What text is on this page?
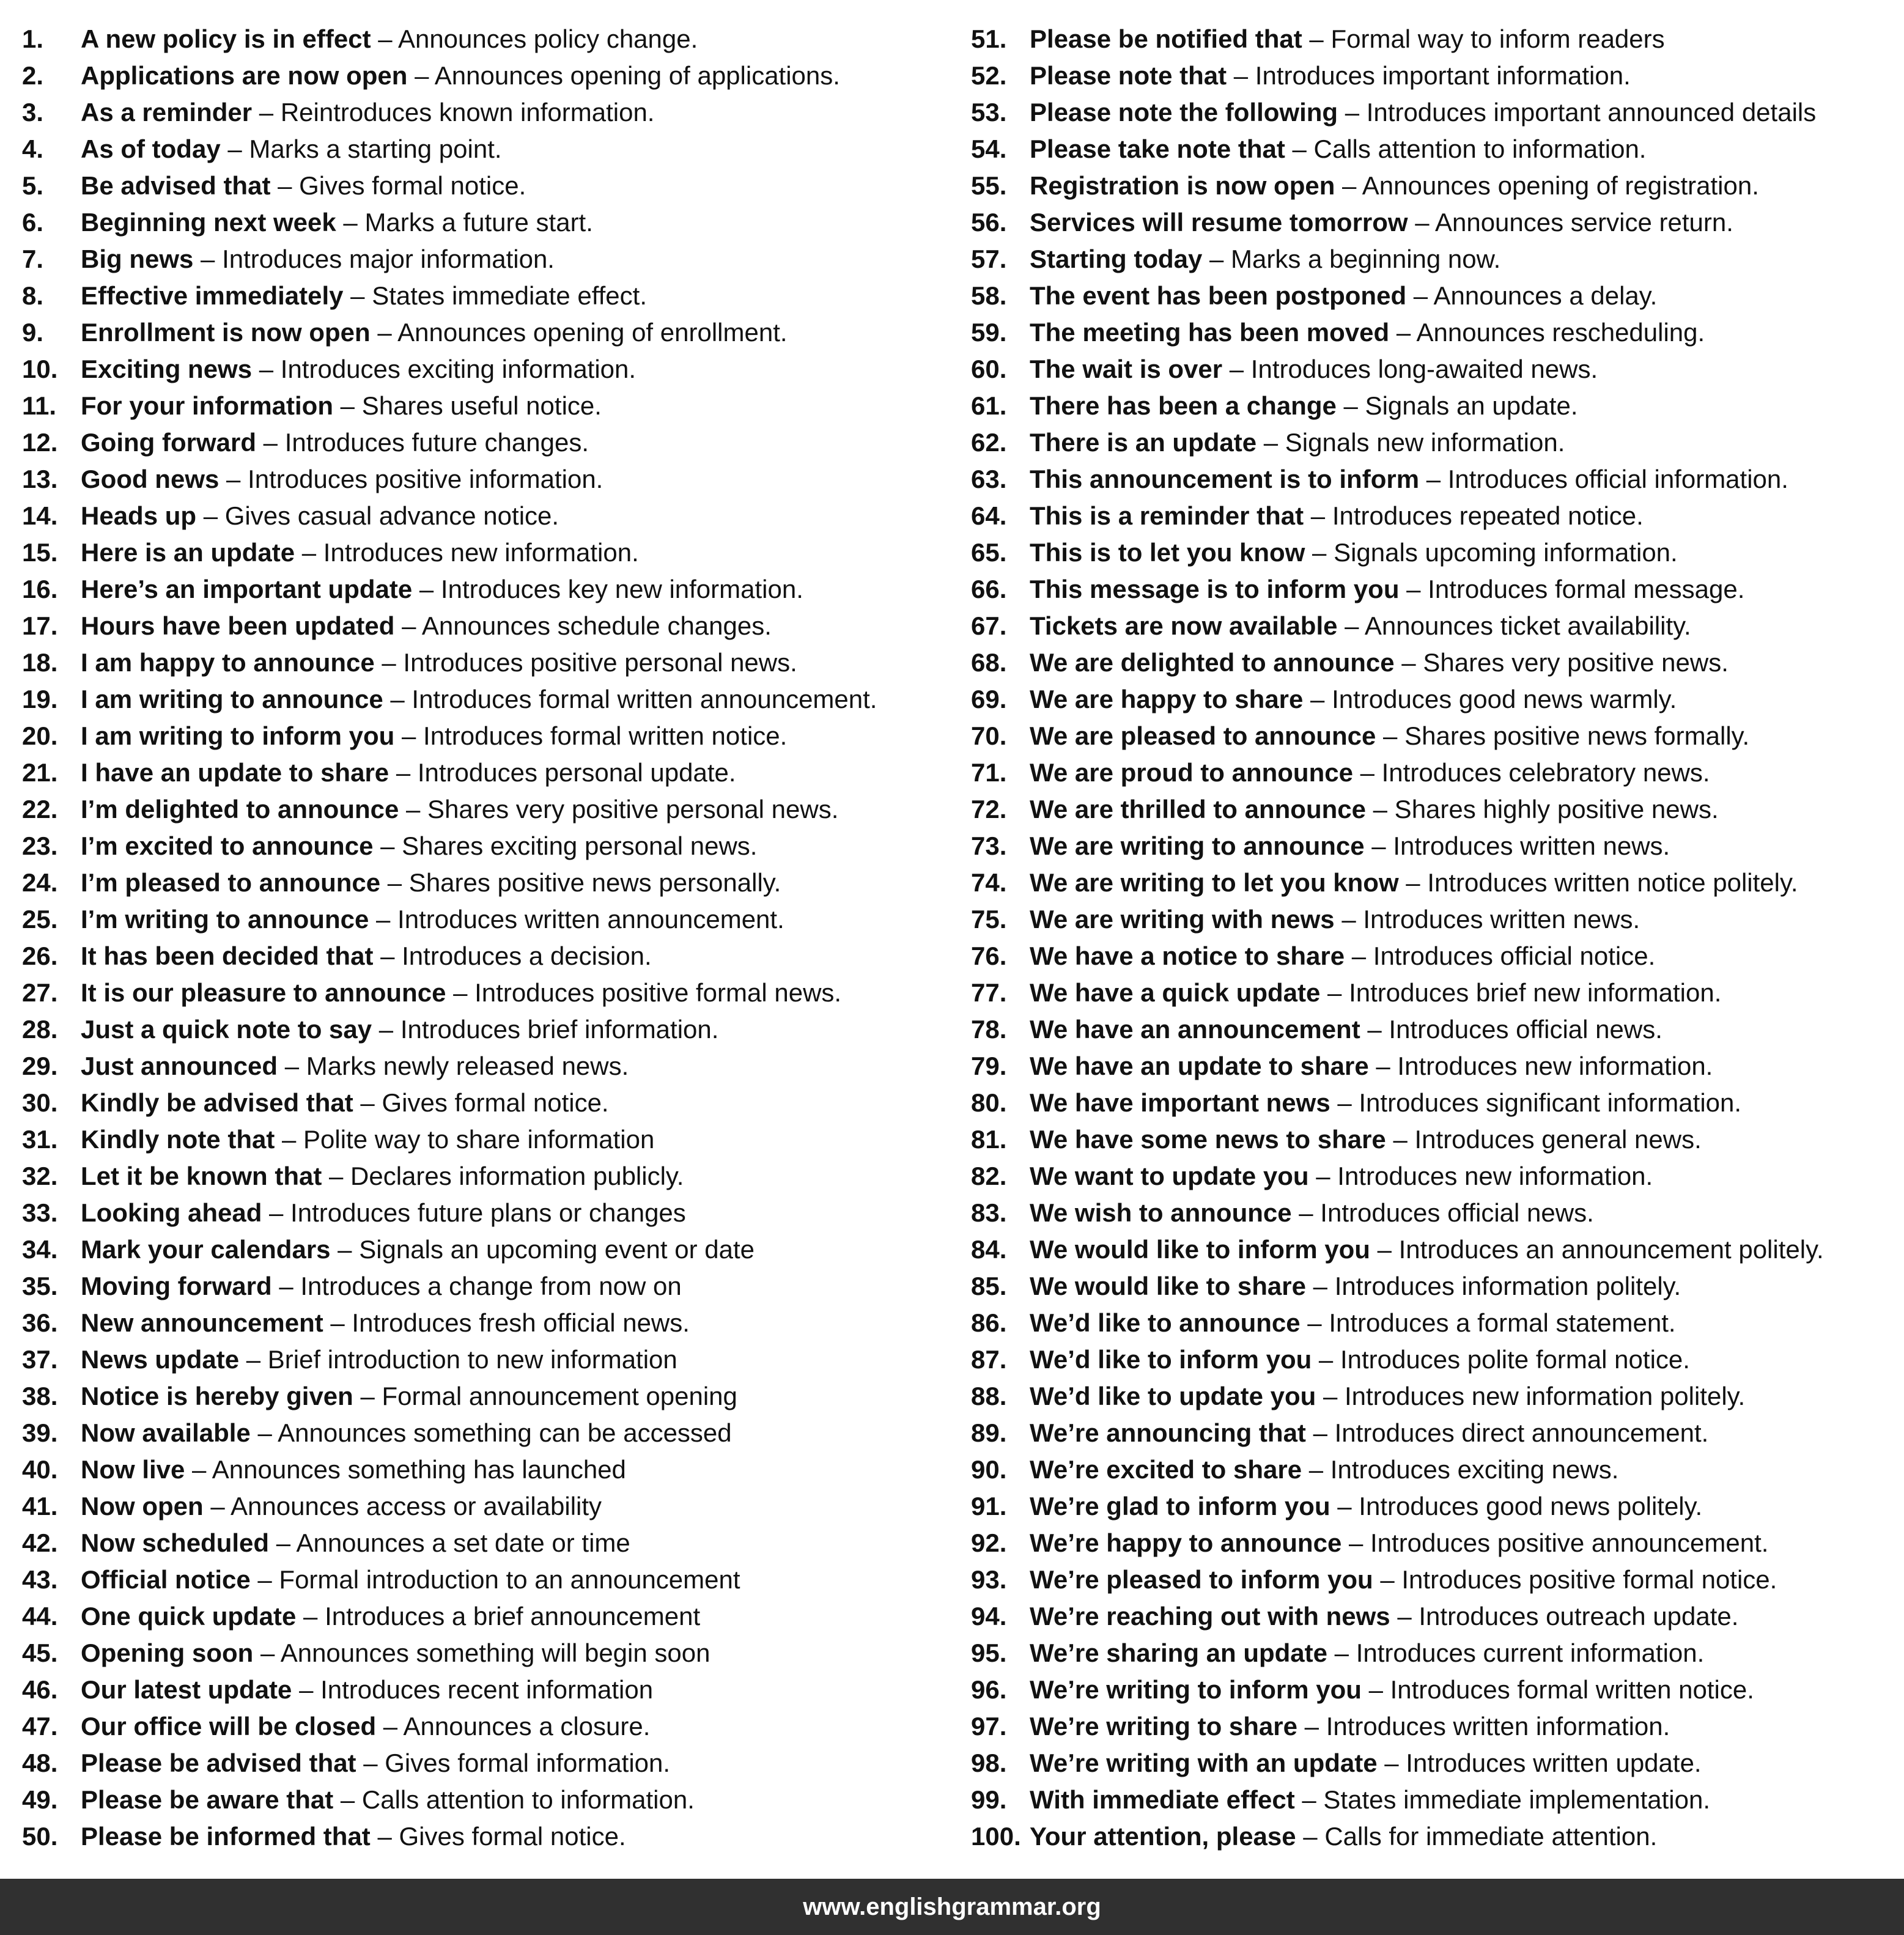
1. A new policy is in effect – Announces policy change.
2. Applications are now open – Announces opening of applications.
3. As a reminder – Reintroduces known information.
4. As of today – Marks a starting point.
5. Be advised that – Gives formal notice.
6. Beginning next week – Marks a future start.
7. Big news – Introduces major information.
8. Effective immediately – States immediate effect.
9. Enrollment is now open – Announces opening of enrollment.
10. Exciting news – Introduces exciting information.
11. For your information – Shares useful notice.
12. Going forward – Introduces future changes.
13. Good news – Introduces positive information.
14. Heads up – Gives casual advance notice.
15. Here is an update – Introduces new information.
16. Here’s an important update – Introduces key new information.
17. Hours have been updated – Announces schedule changes.
18. I am happy to announce – Introduces positive personal news.
19. I am writing to announce – Introduces formal written announcement.
20. I am writing to inform you – Introduces formal written notice.
21. I have an update to share – Introduces personal update.
22. I’m delighted to announce – Shares very positive personal news.
23. I’m excited to announce – Shares exciting personal news.
24. I’m pleased to announce – Shares positive news personally.
25. I’m writing to announce – Introduces written announcement.
26. It has been decided that – Introduces a decision.
27. It is our pleasure to announce – Introduces positive formal news.
28. Just a quick note to say – Introduces brief information.
29. Just announced – Marks newly released news.
30. Kindly be advised that – Gives formal notice.
31. Kindly note that – Polite way to share information
32. Let it be known that – Declares information publicly.
33. Looking ahead – Introduces future plans or changes
34. Mark your calendars – Signals an upcoming event or date
35. Moving forward – Introduces a change from now on
36. New announcement – Introduces fresh official news.
37. News update – Brief introduction to new information
38. Notice is hereby given – Formal announcement opening
39. Now available – Announces something can be accessed
40. Now live – Announces something has launched
41. Now open – Announces access or availability
42. Now scheduled – Announces a set date or time
43. Official notice – Formal introduction to an announcement
44. One quick update – Introduces a brief announcement
45. Opening soon – Announces something will begin soon
46. Our latest update – Introduces recent information
47. Our office will be closed – Announces a closure.
48. Please be advised that – Gives formal information.
49. Please be aware that – Calls attention to information.
50. Please be informed that – Gives formal notice.
51. Please be notified that – Formal way to inform readers
52. Please note that – Introduces important information.
53. Please note the following – Introduces important announced details
54. Please take note that – Calls attention to information.
55. Registration is now open – Announces opening of registration.
56. Services will resume tomorrow – Announces service return.
57. Starting today – Marks a beginning now.
58. The event has been postponed – Announces a delay.
59. The meeting has been moved – Announces rescheduling.
60. The wait is over – Introduces long-awaited news.
61. There has been a change – Signals an update.
62. There is an update – Signals new information.
63. This announcement is to inform – Introduces official information.
64. This is a reminder that – Introduces repeated notice.
65. This is to let you know – Signals upcoming information.
66. This message is to inform you – Introduces formal message.
67. Tickets are now available – Announces ticket availability.
68. We are delighted to announce – Shares very positive news.
69. We are happy to share – Introduces good news warmly.
70. We are pleased to announce – Shares positive news formally.
71. We are proud to announce – Introduces celebratory news.
72. We are thrilled to announce – Shares highly positive news.
73. We are writing to announce – Introduces written news.
74. We are writing to let you know – Introduces written notice politely.
75. We are writing with news – Introduces written news.
76. We have a notice to share – Introduces official notice.
77. We have a quick update – Introduces brief new information.
78. We have an announcement – Introduces official news.
79. We have an update to share – Introduces new information.
80. We have important news – Introduces significant information.
81. We have some news to share – Introduces general news.
82. We want to update you – Introduces new information.
83. We wish to announce – Introduces official news.
84. We would like to inform you – Introduces an announcement politely.
85. We would like to share – Introduces information politely.
86. We’d like to announce – Introduces a formal statement.
87. We’d like to inform you – Introduces polite formal notice.
88. We’d like to update you – Introduces new information politely.
89. We’re announcing that – Introduces direct announcement.
90. We’re excited to share – Introduces exciting news.
91. We’re glad to inform you – Introduces good news politely.
92. We’re happy to announce – Introduces positive announcement.
93. We’re pleased to inform you – Introduces positive formal notice.
94. We’re reaching out with news – Introduces outreach update.
95. We’re sharing an update – Introduces current information.
96. We’re writing to inform you – Introduces formal written notice.
97. We’re writing to share – Introduces written information.
98. We’re writing with an update – Introduces written update.
99. With immediate effect – States immediate implementation.
100. Your attention, please – Calls for immediate attention.
www.englishgrammar.org
